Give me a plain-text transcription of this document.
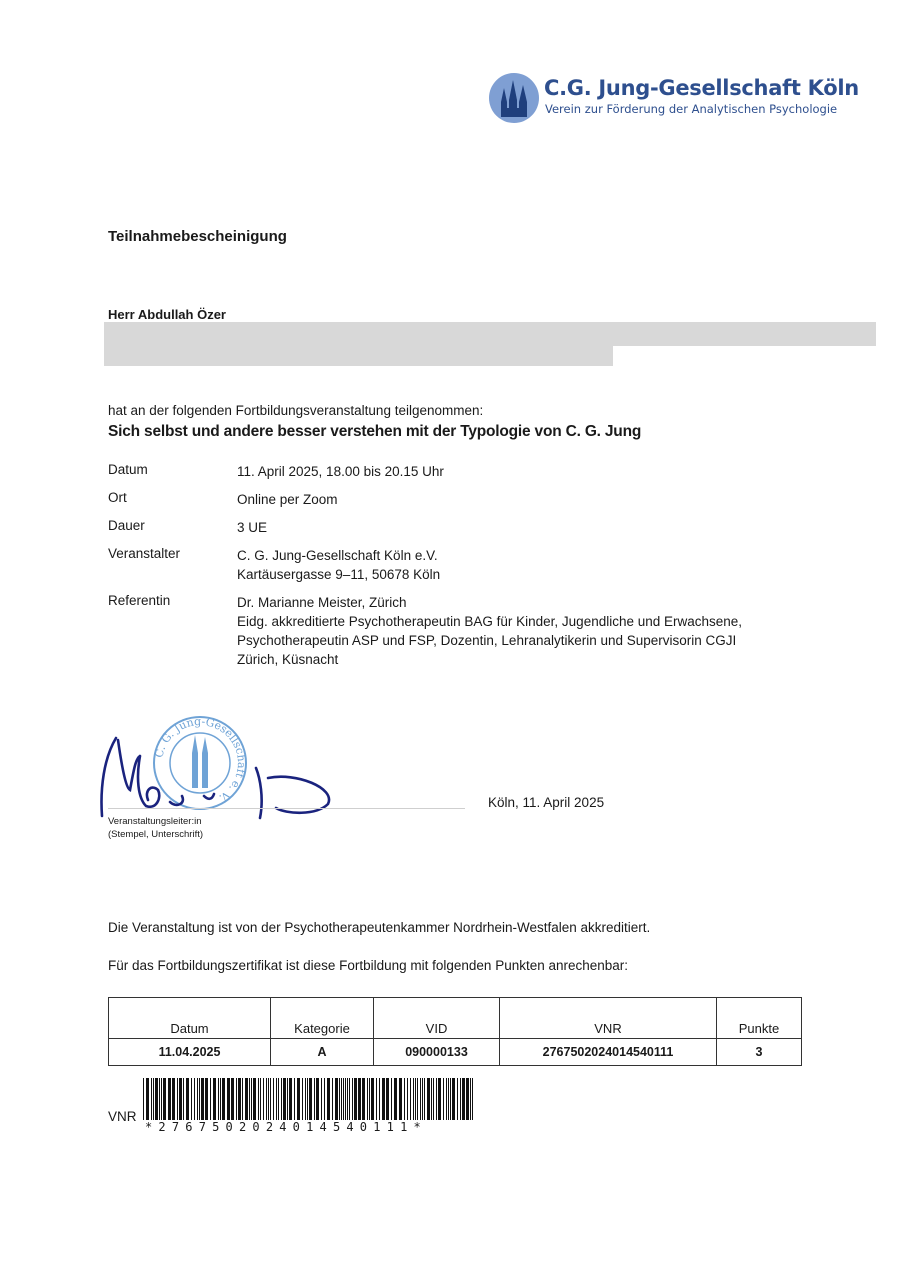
C.G. Jung-Gesellschaft Köln
Verein zur Förderung der Analytischen Psychologie
Teilnahmebescheinigung
Herr Abdullah Özer
hat an der folgenden Fortbildungsveranstaltung teilgenommen:
Sich selbst und andere besser verstehen mit der Typologie von C. G. Jung
Datum	11. April 2025, 18.00 bis 20.15 Uhr
Ort	Online per Zoom
Dauer	3 UE
Veranstalter	C. G. Jung-Gesellschaft Köln e.V.
Kartäusergasse 9–11, 50678 Köln
Referentin	Dr. Marianne Meister, Zürich
Eidg. akkreditierte Psychotherapeutin BAG für Kinder, Jugendliche und Erwachsene,
Psychotherapeutin ASP und FSP, Dozentin, Lehranalytikerin und Supervisorin CGJI
Zürich, Küsnacht
C. G. Jung-Gesellschaft e. V.
Veranstaltungsleiter:in
(Stempel, Unterschrift)
Köln, 11. April 2025
Die Veranstaltung ist von der Psychotherapeutenkammer Nordrhein-Westfalen akkreditiert.
Für das Fortbildungszertifikat ist diese Fortbildung mit folgenden Punkten anrechenbar:
Datum	Kategorie	VID	VNR	Punkte
11.04.2025	A	090000133	2767502024014540111	3
VNR
*2767502024014540111*
